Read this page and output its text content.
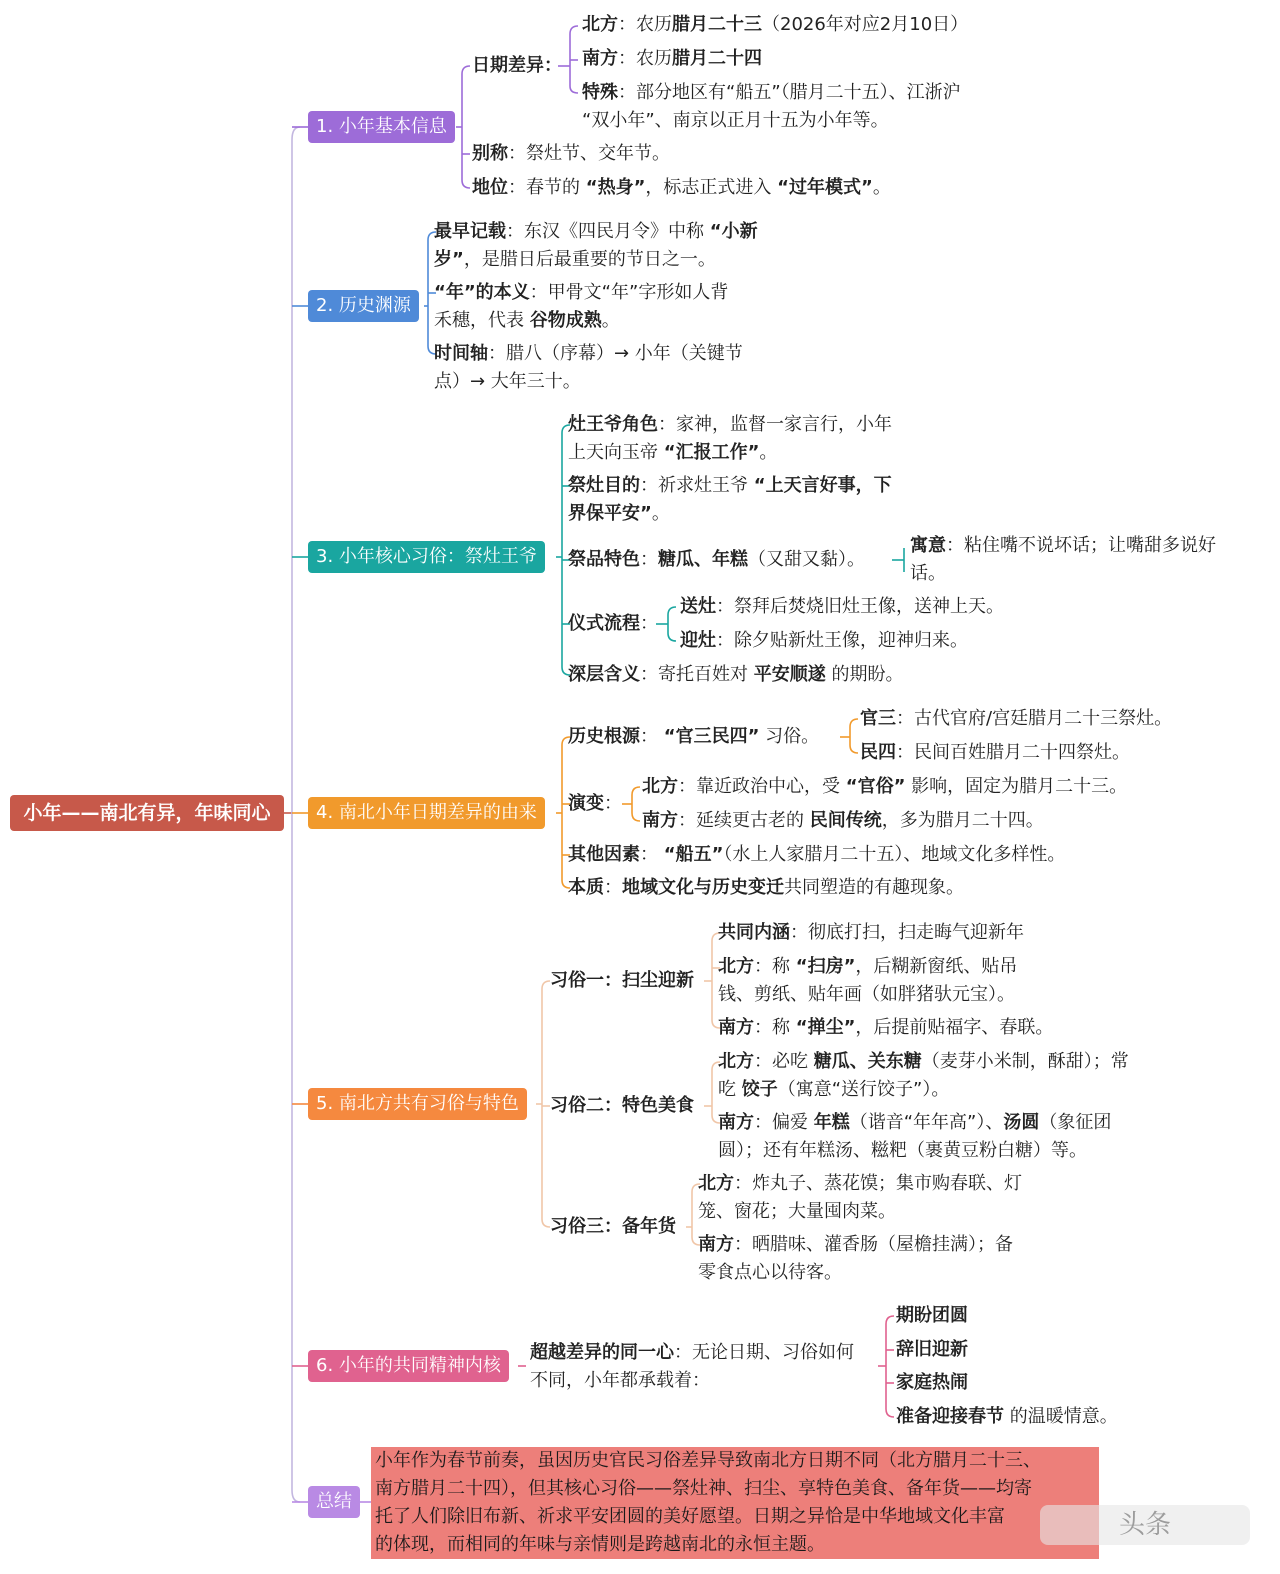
小年——南北有异，年味同心
1. 小年基本信息
2. 历史渊源
3. 小年核心习俗：祭灶王爷
4. 南北小年日期差异的由来
5. 南北方共有习俗与特色
6. 小年的共同精神内核
总结
日期差异：
北方：农历腊月二十三（2026年对应2月10日）
南方：农历腊月二十四
特殊：部分地区有“船五”（腊月二十五）、江浙沪
“双小年”、南京以正月十五为小年等。
别称：祭灶节、交年节。
地位：春节的 “热身”，标志正式进入 “过年模式”。
最早记载：东汉《四民月令》中称 “小新
岁”，是腊日后最重要的节日之一。
“年”的本义：甲骨文“年”字形如人背
禾穗，代表 谷物成熟。
时间轴：腊八（序幕）→ 小年（关键节
点）→ 大年三十。
灶王爷角色：家神，监督一家言行，小年
上天向玉帝 “汇报工作”。
祭灶目的：祈求灶王爷 “上天言好事，下
界保平安”。
祭品特色：糖瓜、年糕（又甜又黏）。
寓意：粘住嘴不说坏话；让嘴甜多说好
话。
仪式流程：
送灶：祭拜后焚烧旧灶王像，送神上天。
迎灶：除夕贴新灶王像，迎神归来。
深层含义：寄托百姓对 平安顺遂 的期盼。
历史根源： “官三民四” 习俗。
官三：古代官府/宫廷腊月二十三祭灶。
民四：民间百姓腊月二十四祭灶。
演变：
北方：靠近政治中心，受 “官俗” 影响，固定为腊月二十三。
南方：延续更古老的 民间传统，多为腊月二十四。
其他因素： “船五”（水上人家腊月二十五）、地域文化多样性。
本质：地域文化与历史变迁共同塑造的有趣现象。
习俗一：扫尘迎新
共同内涵：彻底打扫，扫走晦气迎新年
北方：称 “扫房”，后糊新窗纸、贴吊
钱、剪纸、贴年画（如胖猪驮元宝）。
南方：称 “掸尘”，后提前贴福字、春联。
习俗二：特色美食
北方：必吃 糖瓜、关东糖（麦芽小米制，酥甜）；常
吃 饺子（寓意“送行饺子”）。
南方：偏爱 年糕（谐音“年年高”）、汤圆（象征团
圆）；还有年糕汤、糍粑（裹黄豆粉白糖）等。
习俗三：备年货
北方：炸丸子、蒸花馍；集市购春联、灯
笼、窗花；大量囤肉菜。
南方：晒腊味、灌香肠（屋檐挂满）；备
零食点心以待客。
超越差异的同一心：无论日期、习俗如何
不同，小年都承载着：
期盼团圆
辞旧迎新
家庭热闹
准备迎接春节 的温暖情意。
小年作为春节前奏，虽因历史官民习俗差异导致南北方日期不同（北方腊月二十三、
南方腊月二十四），但其核心习俗——祭灶神、扫尘、享特色美食、备年货——均寄
托了人们除旧布新、祈求平安团圆的美好愿望。日期之异恰是中华地域文化丰富
的体现，而相同的年味与亲情则是跨越南北的永恒主题。
头条
